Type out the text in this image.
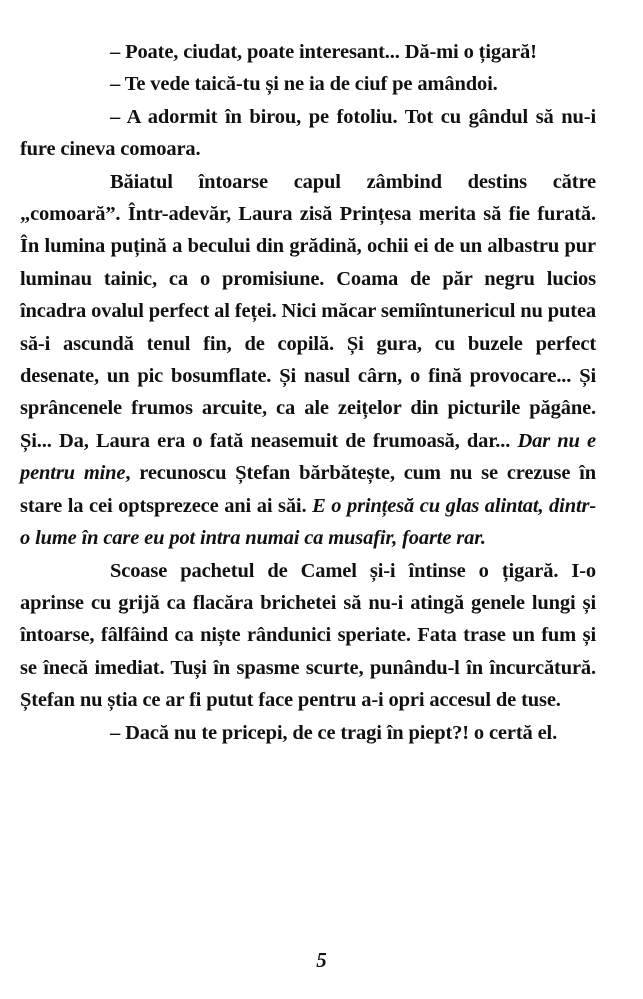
– Poate, ciudat, poate interesant... Dă-mi o țigară!

– Te vede taică-tu și ne ia de ciuf pe amândoi.

– A adormit în birou, pe fotoliu. Tot cu gândul să nu-i fure cineva comoara.

Băiatul întoarse capul zâmbind destins către „comoară”. Într-adevăr, Laura zisă Prințesa merita să fie furată. În lumina puțină a becului din grădină, ochii ei de un albastru pur luminau tainic, ca o promisiune. Coama de păr negru lucios încadra ovalul perfect al feței. Nici măcar semiîntunericul nu putea să-i ascundă tenul fin, de copilă. Și gura, cu buzele perfect desenate, un pic bosumflate. Și nasul cârn, o fină provocare... Și sprâncenele frumos arcuite, ca ale zeițelor din picturile păgâne. Și... Da, Laura era o fată neasemuit de frumoasă, dar... Dar nu e pentru mine, recunoscu Ștefan bărbătește, cum nu se crezuse în stare la cei optsprezece ani ai săi. E o prințesă cu glas alintat, dintr-o lume în care eu pot intra numai ca musafir, foarte rar.

Scoase pachetul de Camel și-i întinse o țigară. I-o aprinse cu grijă ca flacăra brichetei să nu-i atingă genele lungi și întoarse, fâlfâind ca niște rândunici speriate. Fata trase un fum și se înecă imediat. Tuși în spasme scurte, punându-l în încurcătură. Ștefan nu știa ce ar fi putut face pentru a-i opri accesul de tuse.

– Dacă nu te pricepi, de ce tragi în piept?! o certă el.

5
